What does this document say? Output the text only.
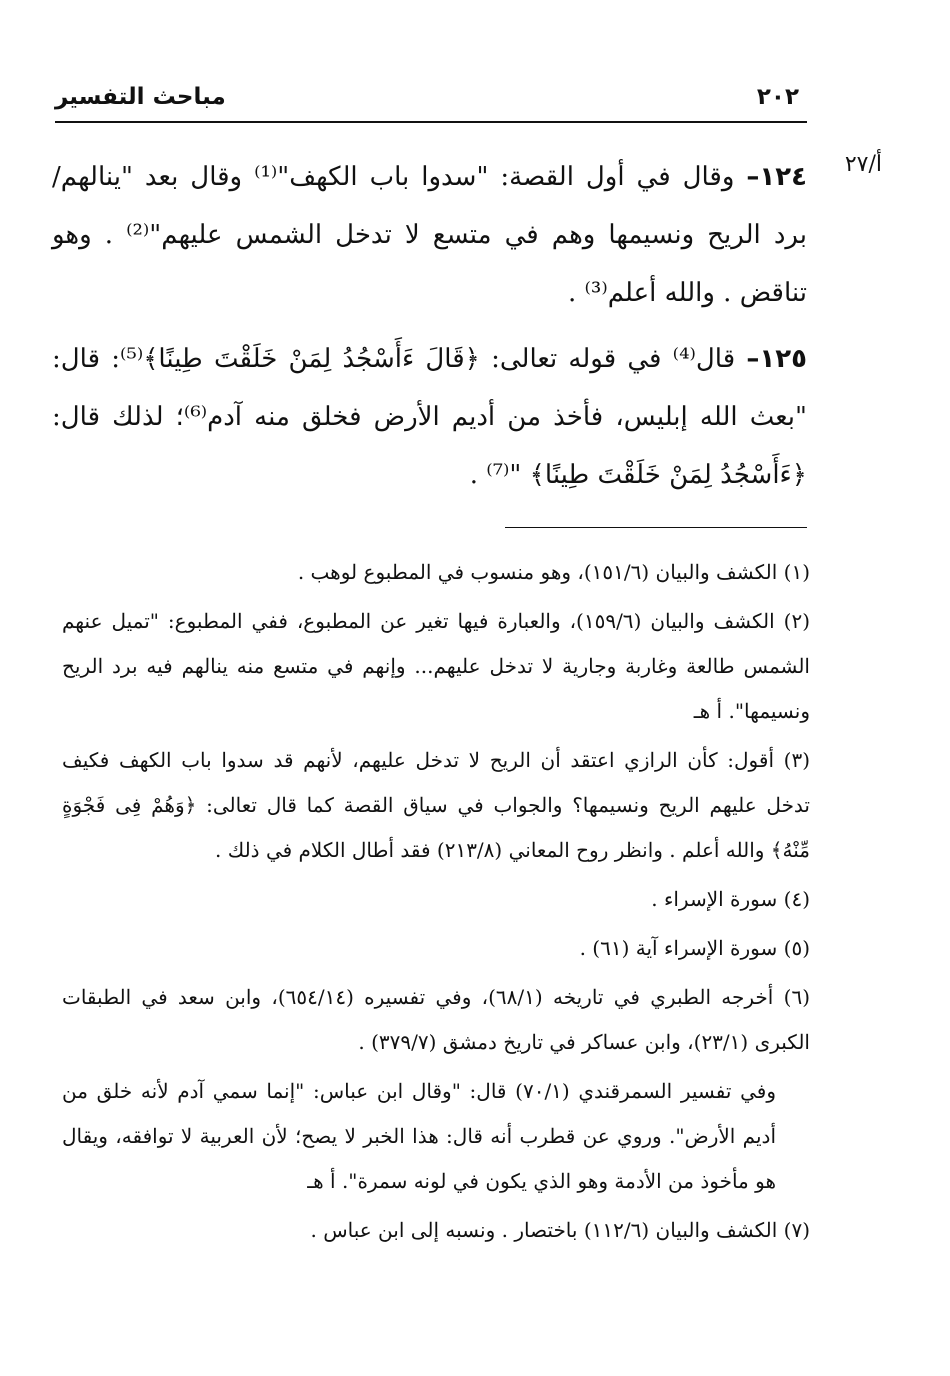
مباحث التفسير	٢٠٢
أ/٢٧

١٢٤– وقال في أول القصة: "سدوا باب الكهف"⁽¹⁾ وقال بعد "ينالهم/ برد الريح ونسيمها وهم في متسع لا تدخل الشمس عليهم"⁽²⁾ . وهو تناقض . والله أعلم⁽³⁾ .

١٢٥– قال⁽⁴⁾ في قوله تعالى: ﴿قَالَ ءَأَسْجُدُ لِمَنْ خَلَقْتَ طِينًا﴾⁽⁵⁾: قال: "بعث الله إبليس، فأخذ من أديم الأرض فخلق منه آدم⁽⁶⁾؛ لذلك قال: ﴿ءَأَسْجُدُ لِمَنْ خَلَقْتَ طِينًا﴾ "⁽⁷⁾ .

(١) الكشف والبيان (١٥١/٦)، وهو منسوب في المطبوع لوهب .

(٢) الكشف والبيان (١٥٩/٦)، والعبارة فيها تغير عن المطبوع، ففي المطبوع: "تميل عنهم الشمس طالعة وغاربة وجارية لا تدخل عليهم... وإنهم في متسع منه ينالهم فيه برد الريح ونسيمها". أ هـ

(٣) أقول: كأن الرازي اعتقد أن الريح لا تدخل عليهم، لأنهم قد سدوا باب الكهف فكيف تدخل عليهم الريح ونسيمها؟ والجواب في سياق القصة كما قال تعالى: ﴿وَهُمْ فِى فَجْوَةٍ مِّنْهُ﴾ والله أعلم . وانظر روح المعاني (٢١٣/٨) فقد أطال الكلام في ذلك .

(٤) سورة الإسراء .

(٥) سورة الإسراء آية (٦١) .

(٦) أخرجه الطبري في تاريخه (٦٨/١)، وفي تفسيره (٦٥٤/١٤)، وابن سعد في الطبقات الكبرى (٢٣/١)، وابن عساكر في تاريخ دمشق (٣٧٩/٧) .

وفي تفسير السمرقندي (٧٠/١) قال: "وقال ابن عباس: "إنما سمي آدم لأنه خلق من أديم الأرض". وروي عن قطرب أنه قال: هذا الخبر لا يصح؛ لأن العربية لا توافقه، ويقال هو مأخوذ من الأدمة وهو الذي يكون في لونه سمرة". أ هـ

(٧) الكشف والبيان (١١٢/٦) باختصار . ونسبه إلى ابن عباس .
